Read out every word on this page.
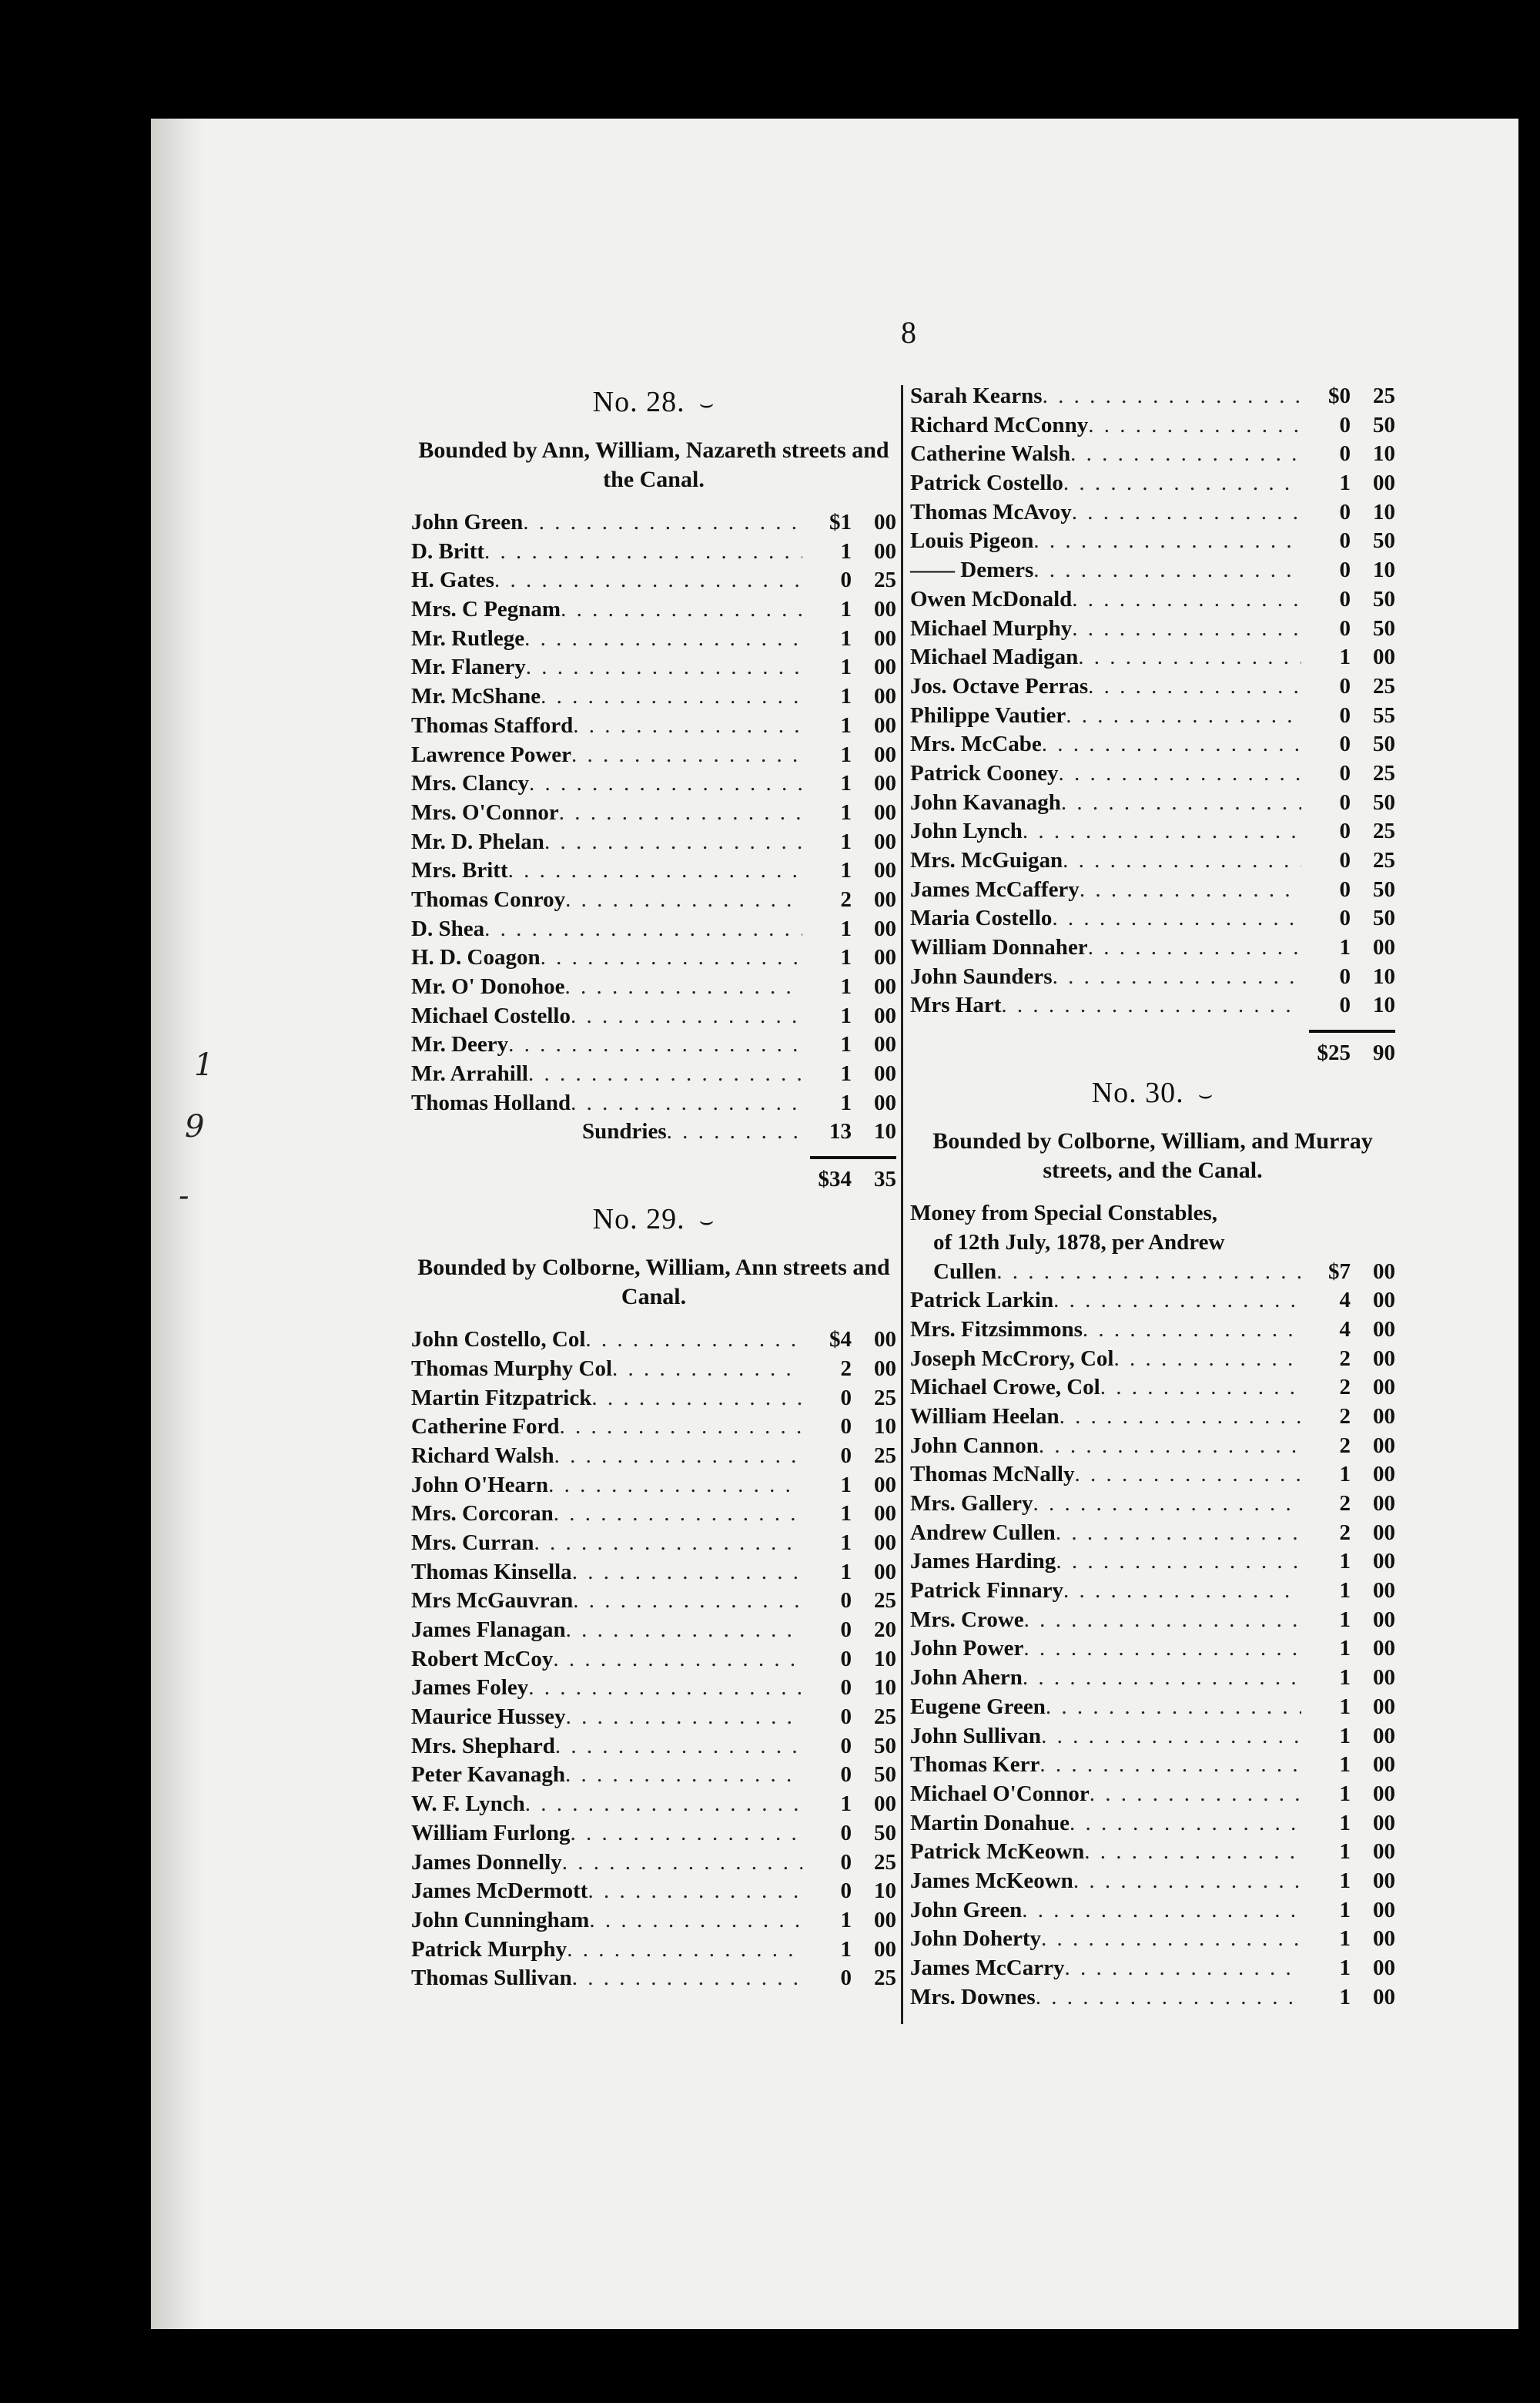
1
9
-
8
No. 28. ⌣
Bounded by Ann, William, Nazareth streets and the Canal.
John Green . . .	$1	00
D. Britt . . .	1	00
H. Gates . . .	0	25
Mrs. C Pegnam . . .	1	00
Mr. Rutlege . . .	1	00
Mr. Flanery . . .	1	00
Mr. McShane . . .	1	00
Thomas Stafford . . .	1	00
Lawrence Power . . .	1	00
Mrs. Clancy . . .	1	00
Mrs. O'Connor . . .	1	00
Mr. D. Phelan . . .	1	00
Mrs. Britt . . .	1	00
Thomas Conroy . . .	2	00
D. Shea . . .	1	00
H. D. Coagon . . .	1	00
Mr. O' Donohoe . . .	1	00
Michael Costello . . .	1	00
Mr. Deery . . .	1	00
Mr. Arrahill . . .	1	00
Thomas Holland . . .	1	00
Sundries . . .	13	10
$34	35
No. 29. ⌣
Bounded by Colborne, William, Ann streets and Canal.
John Costello, Col . . .	$4	00
Thomas Murphy Col . . .	2	00
Martin Fitzpatrick . . .	0	25
Catherine Ford . . .	0	10
Richard Walsh . . .	0	25
John O'Hearn . . .	1	00
Mrs. Corcoran . . .	1	00
Mrs. Curran . . .	1	00
Thomas Kinsella . . .	1	00
Mrs McGauvran . . .	0	25
James Flanagan . . .	0	20
Robert McCoy . . .	0	10
James Foley . . .	0	10
Maurice Hussey . . .	0	25
Mrs. Shephard . . .	0	50
Peter Kavanagh . . .	0	50
W. F. Lynch . . .	1	00
William Furlong . . .	0	50
James Donnelly . . .	0	25
James McDermott . . .	0	10
John Cunningham . . .	1	00
Patrick Murphy . . .	1	00
Thomas Sullivan . . .	0	25
Sarah Kearns . . .	$0	25
Richard McConny . . .	0	50
Catherine Walsh . . .	0	10
Patrick Costello . . .	1	00
Thomas McAvoy . . .	0	10
Louis Pigeon . . .	0	50
—— Demers . . .	0	10
Owen McDonald . . .	0	50
Michael Murphy . . .	0	50
Michael Madigan . . .	1	00
Jos. Octave Perras . . .	0	25
Philippe Vautier . . .	0	55
Mrs. McCabe . . .	0	50
Patrick Cooney . . .	0	25
John Kavanagh . . .	0	50
John Lynch . . .	0	25
Mrs. McGuigan . . .	0	25
James McCaffery . . .	0	50
Maria Costello . . .	0	50
William Donnaher . . .	1	00
John Saunders . . .	0	10
Mrs Hart . . .	0	10
$25	90
No. 30. ⌣
Bounded by Colborne, William, and Murray streets, and the Canal.
Money from Special Constables,
of 12th July, 1878, per Andrew
Cullen . . .	$7	00
Patrick Larkin . . .	4	00
Mrs. Fitzsimmons . . .	4	00
Joseph McCrory, Col . . .	2	00
Michael Crowe, Col . . .	2	00
William Heelan . . .	2	00
John Cannon . . .	2	00
Thomas McNally . . .	1	00
Mrs. Gallery . . .	2	00
Andrew Cullen . . .	2	00
James Harding . . .	1	00
Patrick Finnary . . .	1	00
Mrs. Crowe . . .	1	00
John Power . . .	1	00
John Ahern . . .	1	00
Eugene Green . . .	1	00
John Sullivan . . .	1	00
Thomas Kerr . . .	1	00
Michael O'Connor . . .	1	00
Martin Donahue . . .	1	00
Patrick McKeown . . .	1	00
James McKeown . . .	1	00
John Green . . .	1	00
John Doherty . . .	1	00
James McCarry . . .	1	00
Mrs. Downes . . .	1	00
